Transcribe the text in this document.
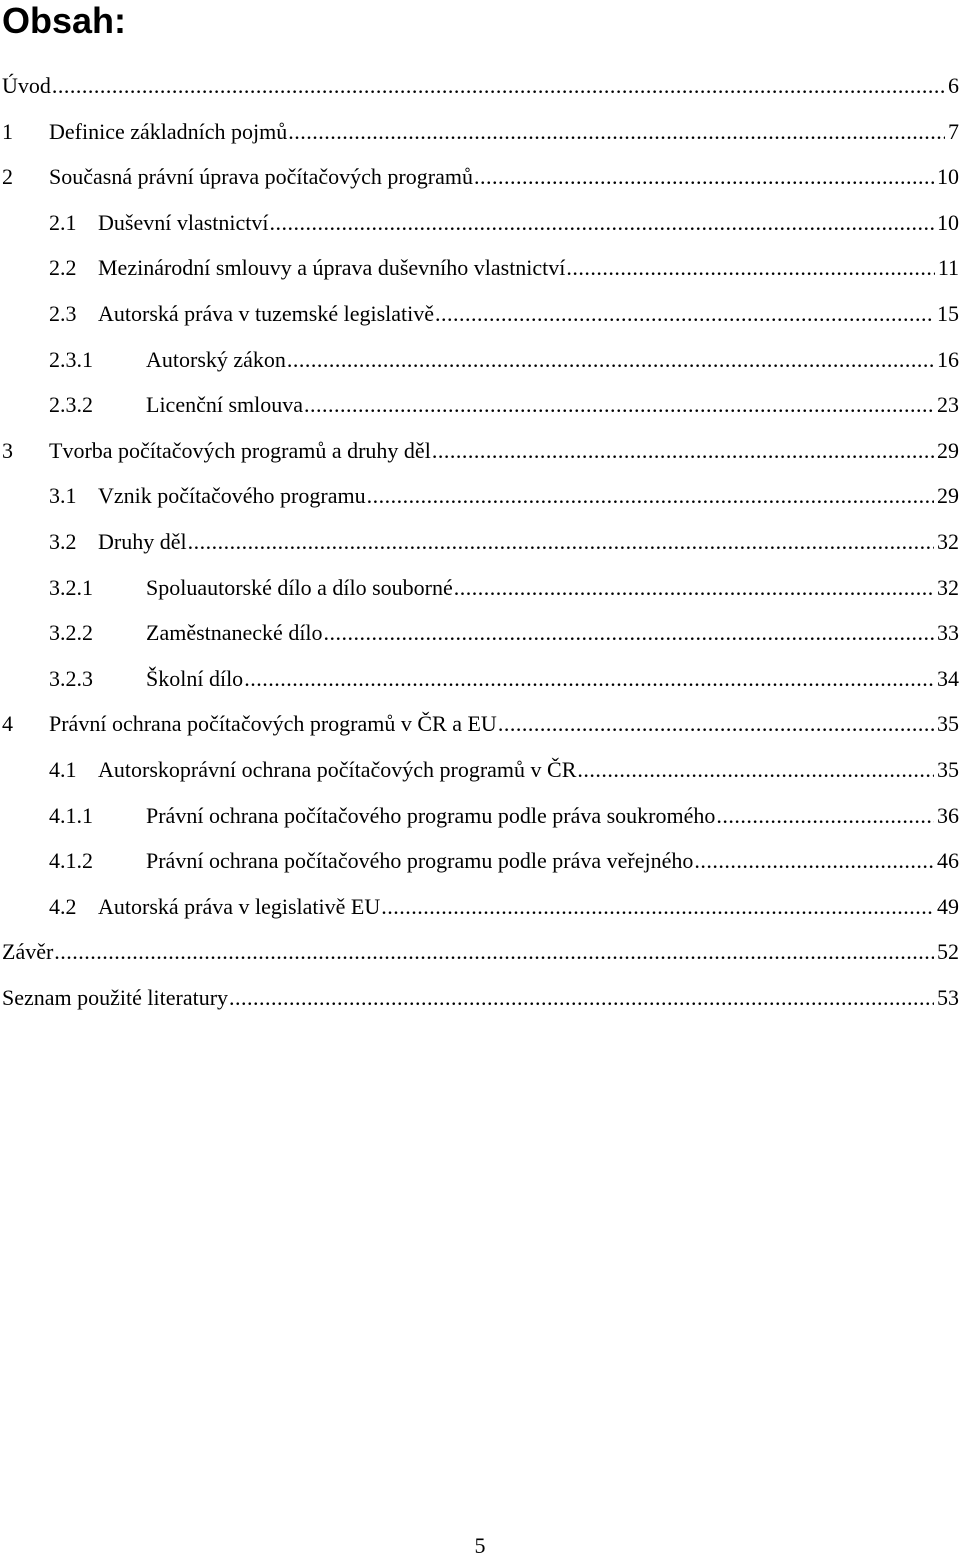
Obsah:
Úvod .....	6
1	Definice základních pojmů .....	7
2	Současná právní úprava počítačových programů .....	10
2.1 Duševní vlastnictví .....	10
2.2 Mezinárodní smlouvy a úprava duševního vlastnictví .....	11
2.3 Autorská práva v tuzemské legislativě .....	15
2.3.1	Autorský zákon .....	16
2.3.2	Licenční smlouva .....	23
3	Tvorba počítačových programů a druhy děl .....	29
3.1 Vznik počítačového programu .....	29
3.2 Druhy děl .....	32
3.2.1	Spoluautorské dílo a dílo souborné .....	32
3.2.2	Zaměstnanecké dílo .....	33
3.2.3	Školní dílo .....	34
4	Právní ochrana počítačových programů v ČR a EU .....	35
4.1 Autorskoprávní ochrana počítačových programů v ČR .....	35
4.1.1	Právní ochrana počítačového programu podle práva soukromého .....	36
4.1.2	Právní ochrana počítačového programu podle práva veřejného .....	46
4.2 Autorská práva v legislativě EU .....	49
Závěr .....	52
Seznam použité literatury .....	53
5
